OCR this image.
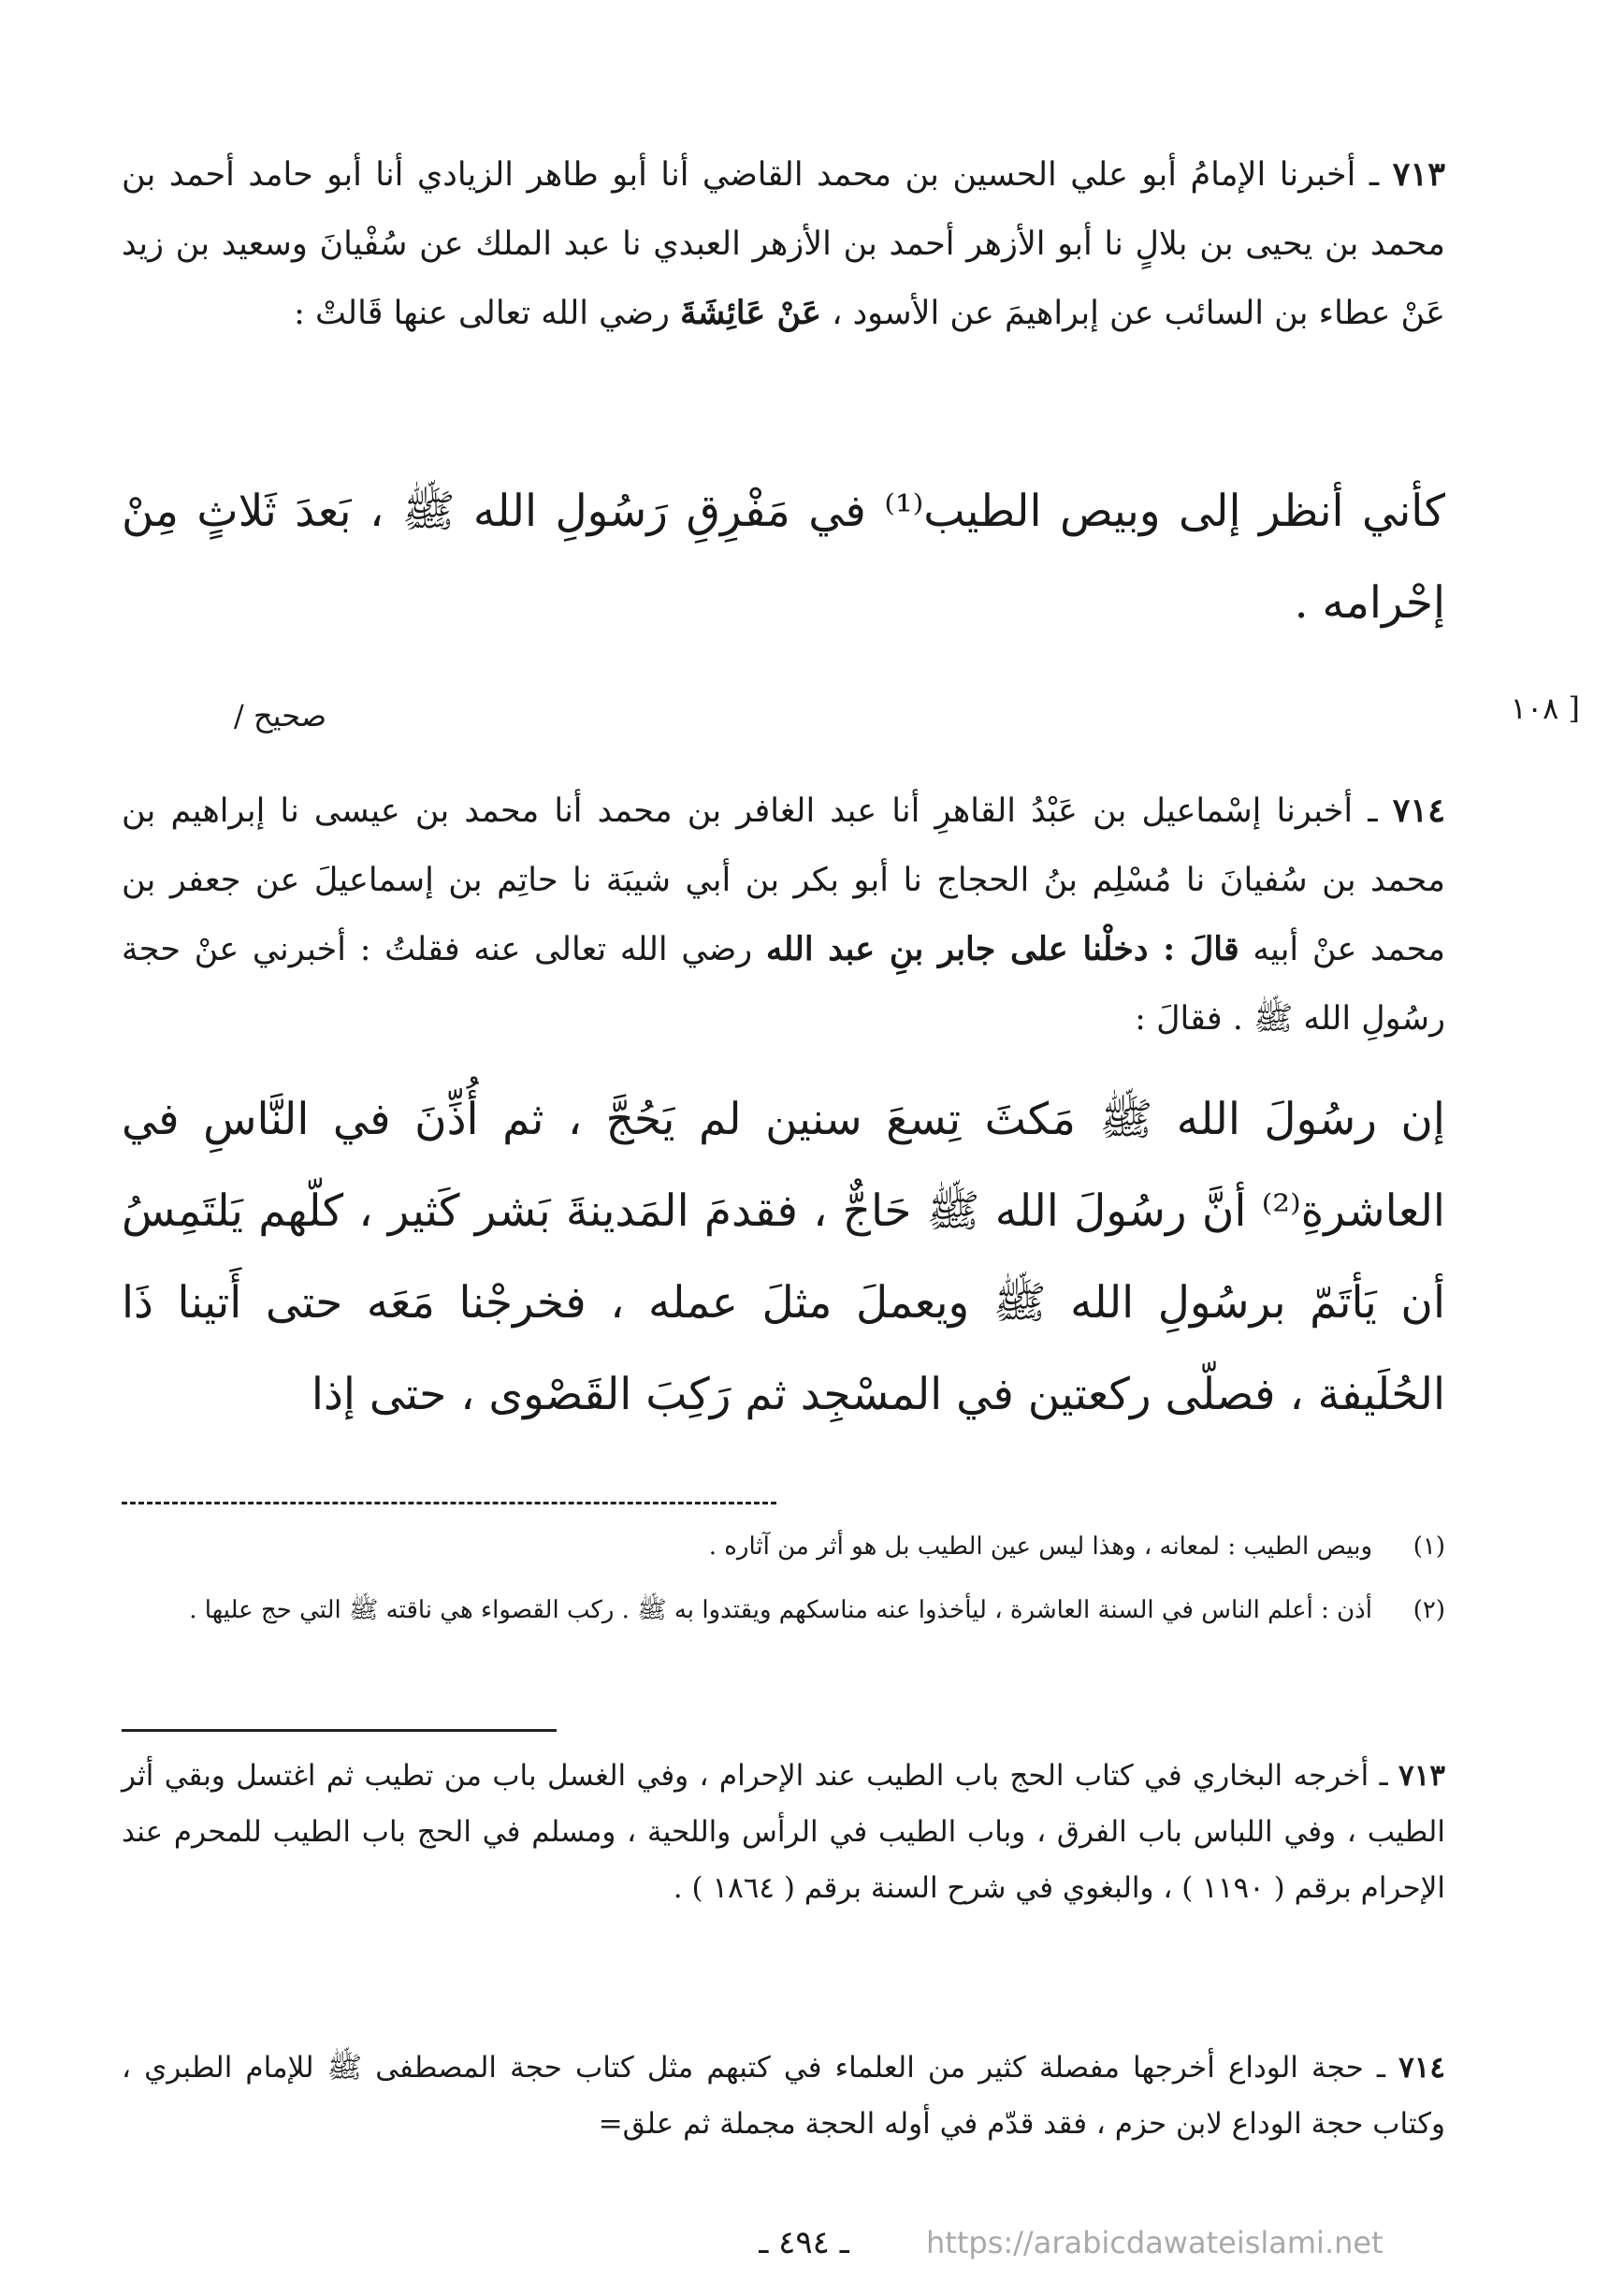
٧١٣ ـ أخبرنا الإمامُ أبو علي الحسين بن محمد القاضي أنا أبو طاهر الزيادي أنا أبو حامد أحمد بن محمد بن يحيى بن بلالٍ نا أبو الأزهر أحمد بن الأزهر العبدي نا عبد الملك عن سُفْيانَ وسعيد بن زيد عَنْ عطاء بن السائب عن إبراهيمَ عن الأسود ، عَنْ عَائِشَةَ رضي الله تعالى عنها قَالتْ :
كأني أنظر إلى وبيص الطيب⁽¹⁾ في مَفْرِقِ رَسُولِ الله ﷺ ، بَعدَ ثَلاثٍ مِنْ إحْرامه .
صحيح /	[ ١٠٨
٧١٤ ـ أخبرنا إسْماعيل بن عَبْدُ القاهرِ أنا عبد الغافر بن محمد أنا محمد بن عيسى نا إبراهيم بن محمد بن سُفيانَ نا مُسْلِم بنُ الحجاج نا أبو بكر بن أبي شيبَة نا حاتِم بن إسماعيلَ عن جعفر بن محمد عنْ أبيه قالَ : دخلْنا على جابر بنِ عبد الله رضي الله تعالى عنه فقلتُ : أخبرني عنْ حجة رسُولِ الله ﷺ . فقالَ :
إن رسُولَ الله ﷺ مَكثَ تِسعَ سنين لم يَحُجَّ ، ثم أُذِّنَ في النَّاسِ في العاشرةِ⁽²⁾ أنَّ رسُولَ الله ﷺ حَاجٌّ ، فقدمَ المَدينةَ بَشر كَثير ، كلّهم يَلتَمِسُ أن يَأتَمّ برسُولِ الله ﷺ ويعملَ مثلَ عمله ، فخرجْنا مَعَه حتى أَتينا ذَا الحُلَيفة ، فصلّى ركعتين في المسْجِد ثم رَكِبَ القَصْوى ، حتى إذا
(١)
وبيص الطيب : لمعانه ، وهذا ليس عين الطيب بل هو أثر من آثاره .
(٢)
أذن : أعلم الناس في السنة العاشرة ، ليأخذوا عنه مناسكهم ويقتدوا به ﷺ . ركب القصواء هي ناقته ﷺ التي حج عليها .
٧١٣ ـ أخرجه البخاري في كتاب الحج باب الطيب عند الإحرام ، وفي الغسل باب من تطيب ثم اغتسل وبقي أثر الطيب ، وفي اللباس باب الفرق ، وباب الطيب في الرأس واللحية ، ومسلم في الحج باب الطيب للمحرم عند الإحرام برقم ( ١١٩٠ ) ، والبغوي في شرح السنة برقم ( ١٨٦٤ ) .
٧١٤ ـ حجة الوداع أخرجها مفصلة كثير من العلماء في كتبهم مثل كتاب حجة المصطفى ﷺ للإمام الطبري ، وكتاب حجة الوداع لابن حزم ، فقد قدّم في أوله الحجة مجملة ثم علق=
ـ ٤٩٤ ـ	https://arabicdawateislami.net
